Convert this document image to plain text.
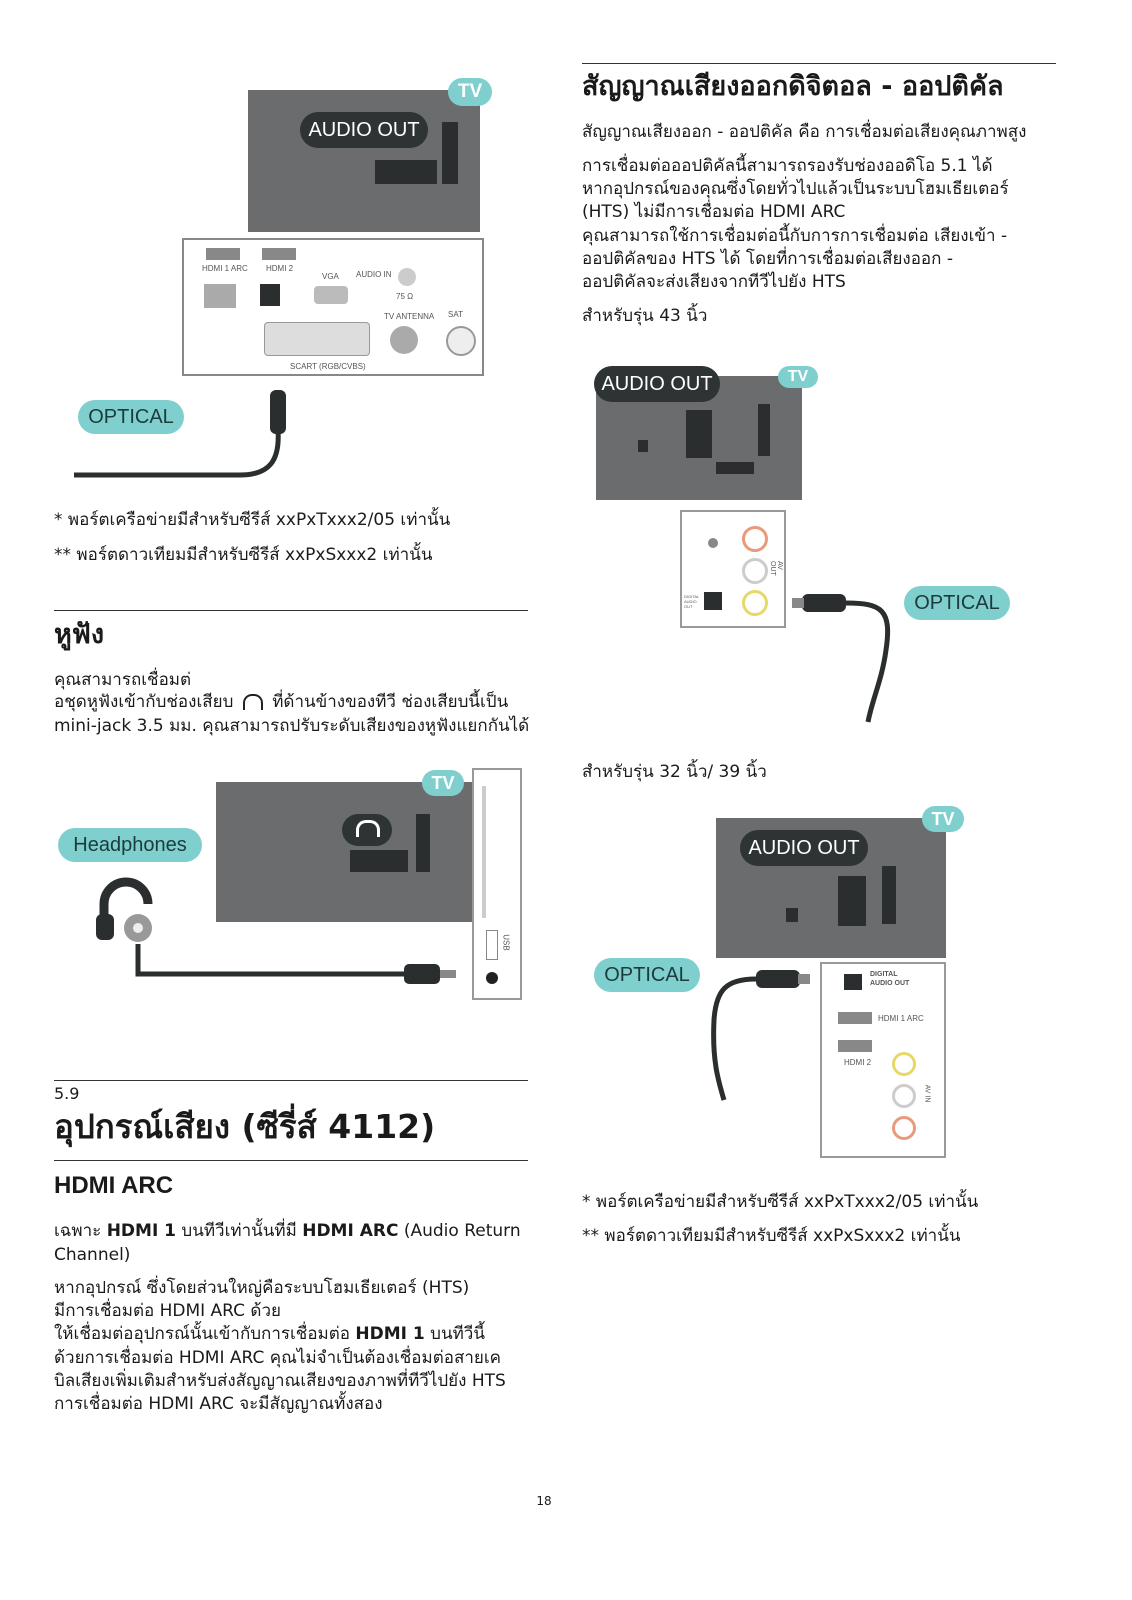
TV
AUDIO OUT
HDMI 1 ARC HDMI 2
VGA AUDIO IN
75 Ω
SAT
TV ANTENNA
SCART (RGB/CVBS)
OPTICAL
* พอร์ตเครือข่ายมีสำหรับซีรีส์ xxPxTxxx2/05 เท่านั้น
** พอร์ตดาวเทียมมีสำหรับซีรีส์ xxPxSxxx2 เท่านั้น
หูฟัง

คุณสามารถเชื่อมต่

อชุดหูฟังเข้ากับช่องเสียบ ที่ด้านข้างของทีวี ช่องเสียบนี้เป็น

mini-jack 3.5 มม. คุณสามารถปรับระดับเสียงของหูฟังแยกกันได้

TV
USB
Headphones
5.9
อุปกรณ์เสียง (ซีรี่ส์ 4112)
HDMI ARC

เฉพาะ HDMI 1 บนทีวีเท่านั้นที่มี HDMI ARC (Audio Return

Channel)

หากอุปกรณ์ ซึ่งโดยส่วนใหญ่คือระบบโฮมเธียเตอร์ (HTS)

มีการเชื่อมต่อ HDMI ARC ด้วย

ให้เชื่อมต่ออุปกรณ์นั้นเข้ากับการเชื่อมต่อ HDMI 1 บนทีวีนี้

ด้วยการเชื่อมต่อ HDMI ARC คุณไม่จำเป็นต้องเชื่อมต่อสายเค

บิลเสียงเพิ่มเติมสำหรับส่งสัญญาณเสียงของภาพที่ทีวีไปยัง HTS

การเชื่อมต่อ HDMI ARC จะมีสัญญาณทั้งสอง

สัญญาณเสียงออกดิจิตอล - ออปติคัล

สัญญาณเสียงออก - ออปติคัล คือ การเชื่อมต่อเสียงคุณภาพสูง

การเชื่อมต่อออปติคัลนี้สามารถรองรับช่องออดิโอ 5.1 ได้

หากอุปกรณ์ของคุณซึ่งโดยทั่วไปแล้วเป็นระบบโฮมเธียเตอร์

(HTS) ไม่มีการเชื่อมต่อ HDMI ARC

คุณสามารถใช้การเชื่อมต่อนี้กับการการเชื่อมต่อ เสียงเข้า -

ออปติคัลของ HTS ได้ โดยที่การเชื่อมต่อเสียงออก -

ออปติคัลจะส่งเสียงจากทีวีไปยัง HTS

สำหรับรุ่น 43 นิ้ว

TV
AUDIO OUT
DIGITAL AUDIO OUT
AV OUT
OPTICAL

สำหรับรุ่น 32 นิ้ว/ 39 นิ้ว

TV
AUDIO OUT
DIGITAL AUDIO OUT
HDMI 1 ARC
HDMI 2
AV IN
OPTICAL
* พอร์ตเครือข่ายมีสำหรับซีรีส์ xxPxTxxx2/05 เท่านั้น
** พอร์ตดาวเทียมมีสำหรับซีรีส์ xxPxSxxx2 เท่านั้น
18
